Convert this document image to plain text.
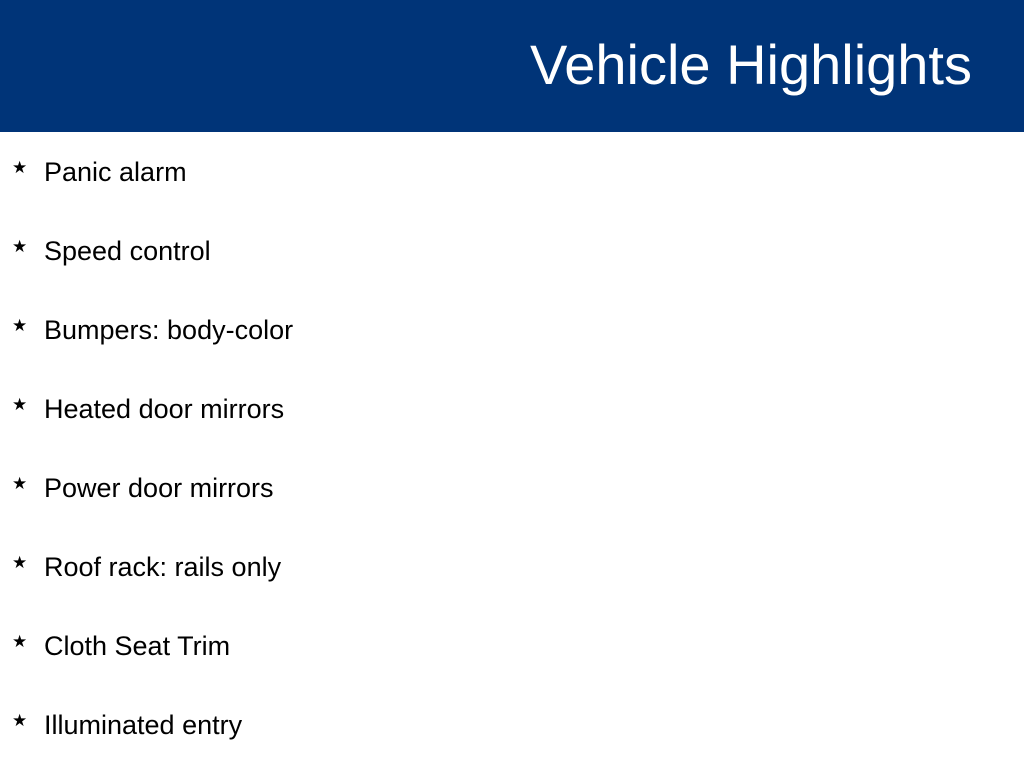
Vehicle Highlights
★ Panic alarm
★ Speed control
★ Bumpers: body-color
★ Heated door mirrors
★ Power door mirrors
★ Roof rack: rails only
★ Cloth Seat Trim
★ Illuminated entry
